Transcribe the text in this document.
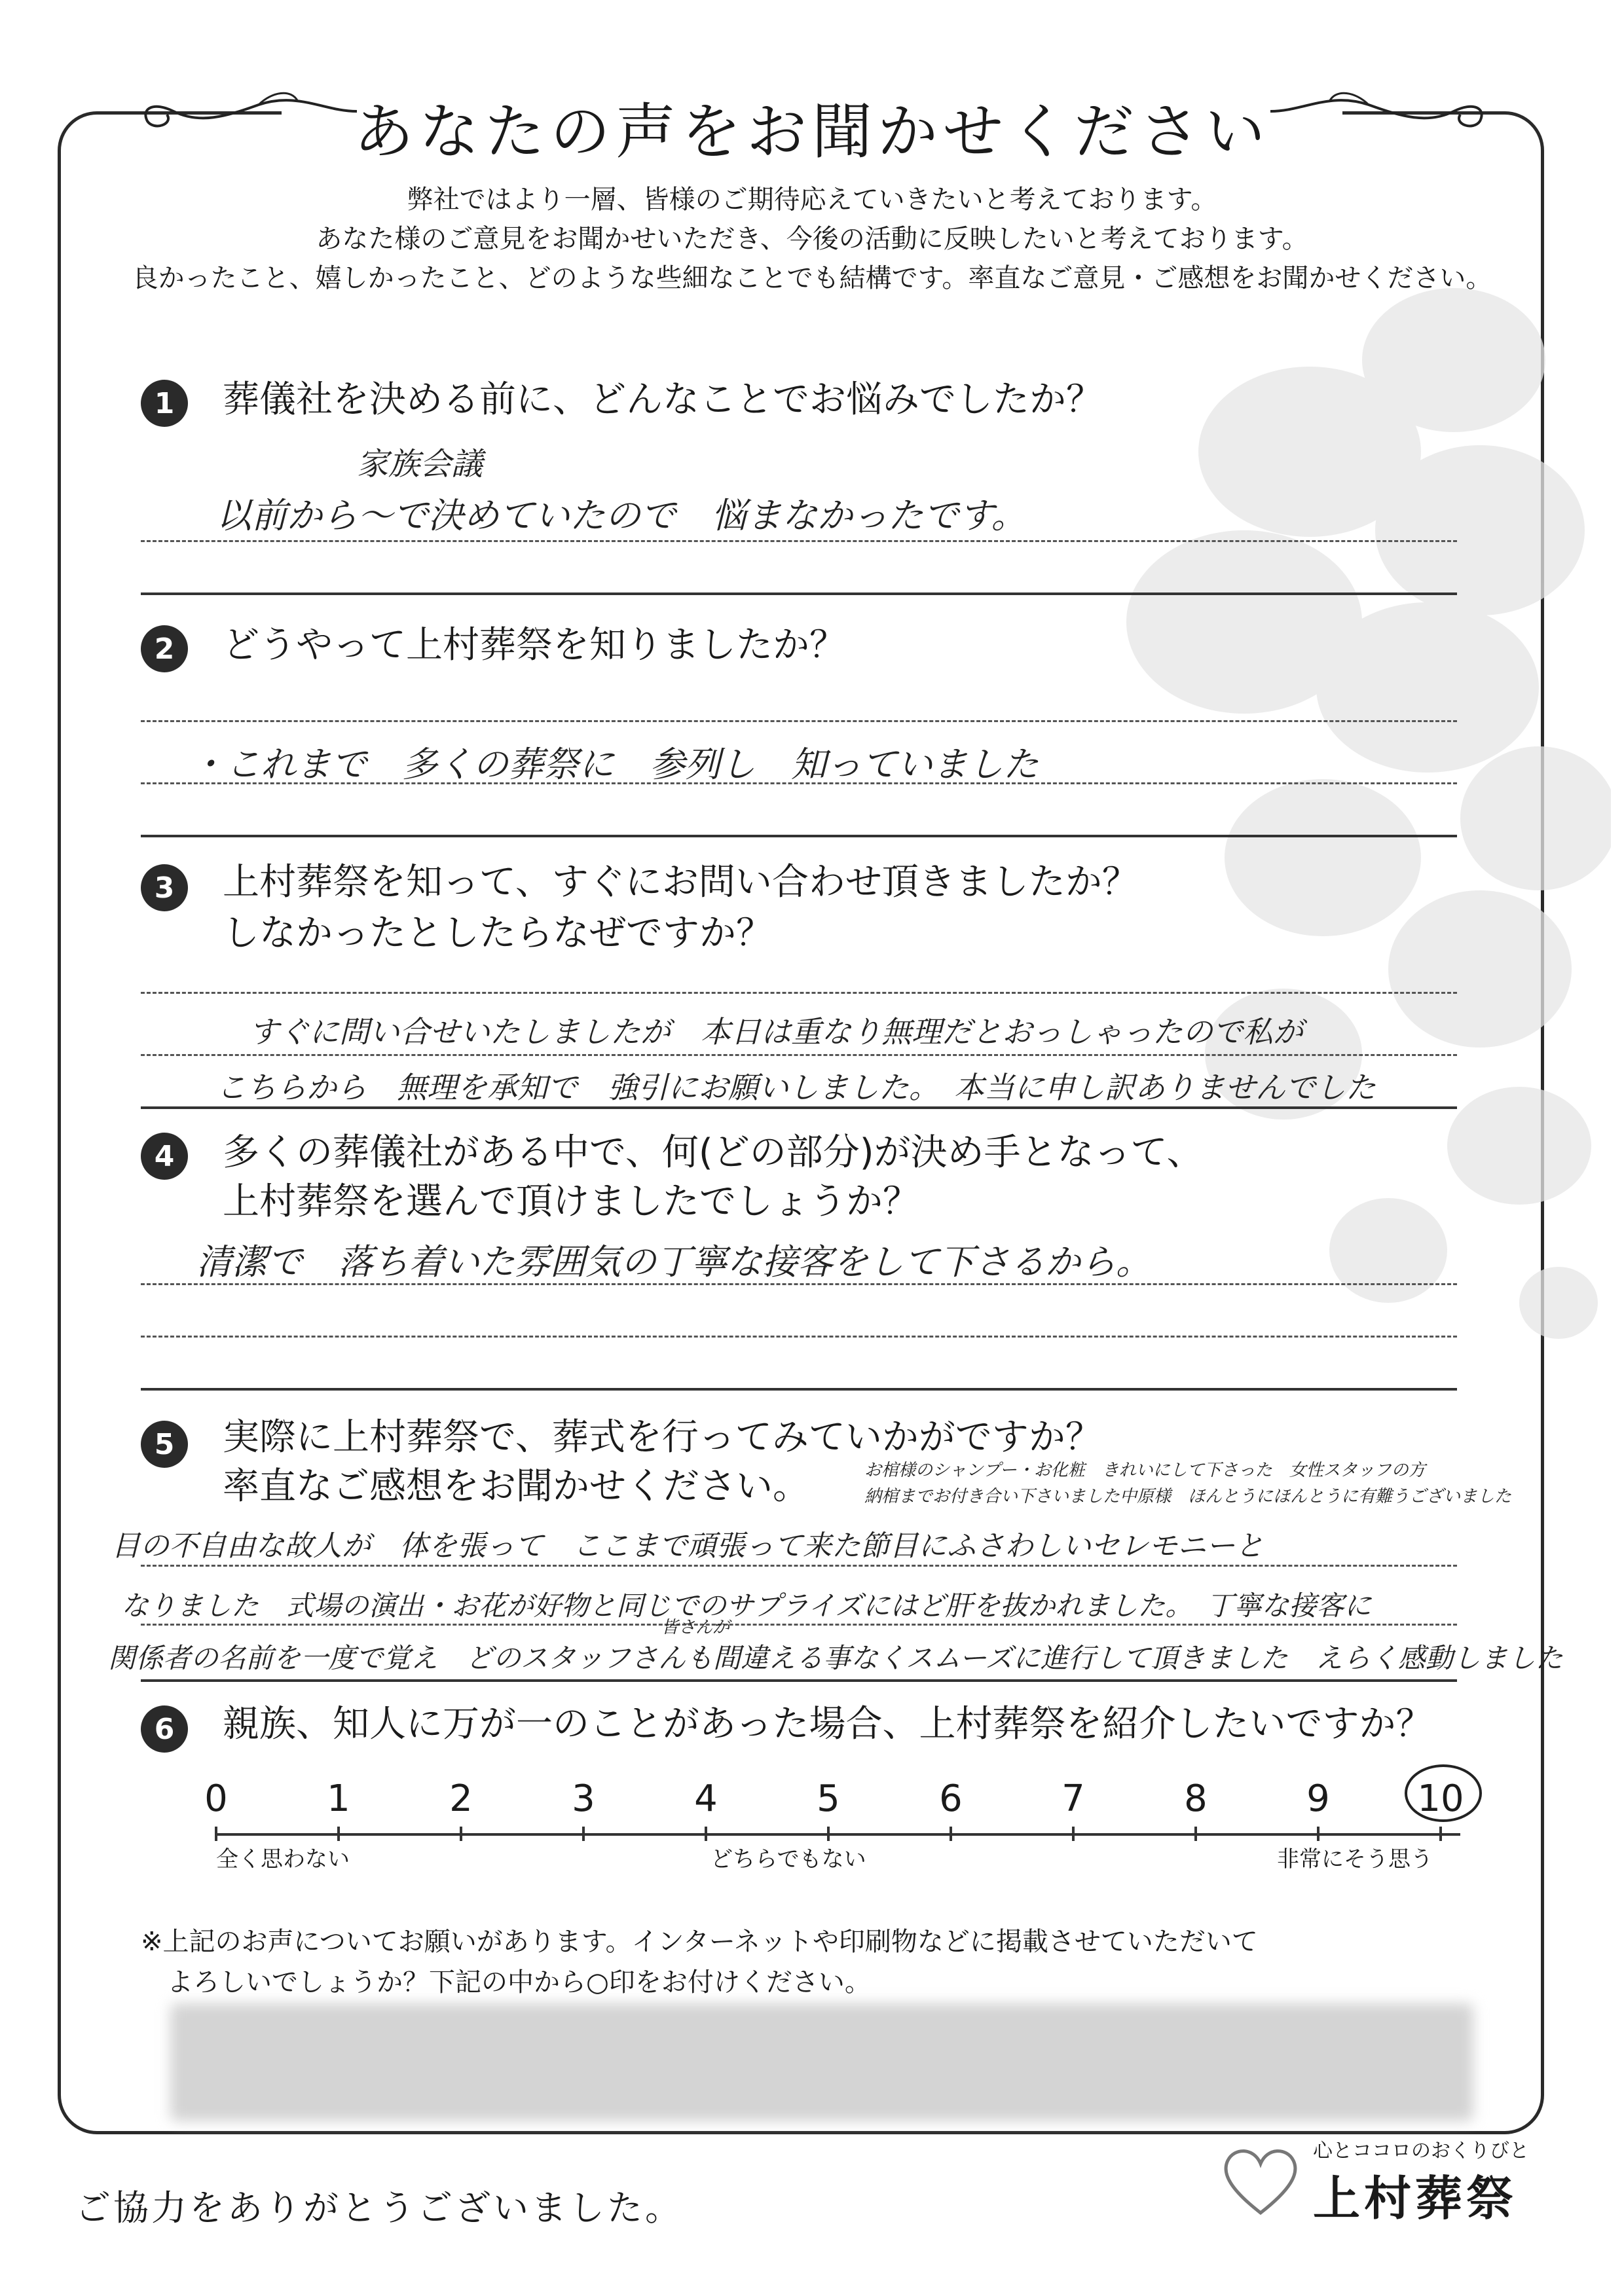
あなたの声をお聞かせください
弊社ではより一層、皆様のご期待応えていきたいと考えております。
あなた様のご意見をお聞かせいただき、今後の活動に反映したいと考えております。
良かったこと、嬉しかったこと、どのような些細なことでも結構です。率直なご意見・ご感想をお聞かせください。
1	葬儀社を決める前に、どんなことでお悩みでしたか？
家族会議
以前から〜で決めていたので　悩まなかったです。
2	どうやって上村葬祭を知りましたか？
・これまで　多くの葬祭に　参列し　知っていました
3	上村葬祭を知って、すぐにお問い合わせ頂きましたか？
しなかったとしたらなぜですか？
すぐに問い合せいたしましたが　本日は重なり無理だとおっしゃったので私が
こちらから　無理を承知で　強引にお願いしました。　本当に申し訳ありませんでした
4	多くの葬儀社がある中で、何(どの部分)が決め手となって、
上村葬祭を選んで頂けましたでしょうか？
清潔で　落ち着いた雰囲気の丁寧な接客をして下さるから。
5	実際に上村葬祭で、葬式を行ってみていかがですか？
率直なご感想をお聞かせください。	お棺様のシャンプー・お化粧　きれいにして下さった　女性スタッフの方
納棺までお付き合い下さいました中原様　ほんとうにほんとうに有難うございました
目の不自由な故人が　体を張って　ここまで頑張って来た節目にふさわしいセレモニーと
なりました　式場の演出・お花が好物と同じでのサプライズにはど肝を抜かれました。　丁寧な接客に
皆さんが
関係者の名前を一度で覚え　どのスタッフさんも間違える事なくスムーズに進行して頂きました　えらく感動しました
6	親族、知人に万が一のことがあった場合、上村葬祭を紹介したいですか？
0	1	2	3	4	5	6	7	8	9 10
全く思わない	どちらでもない	非常にそう思う
※上記のお声についてお願いがあります。インターネットや印刷物などに掲載させていただいて
　よろしいでしょうか？下記の中から○印をお付けください。
ご協力をありがとうございました。
心とココロのおくりびと
上村葬祭
